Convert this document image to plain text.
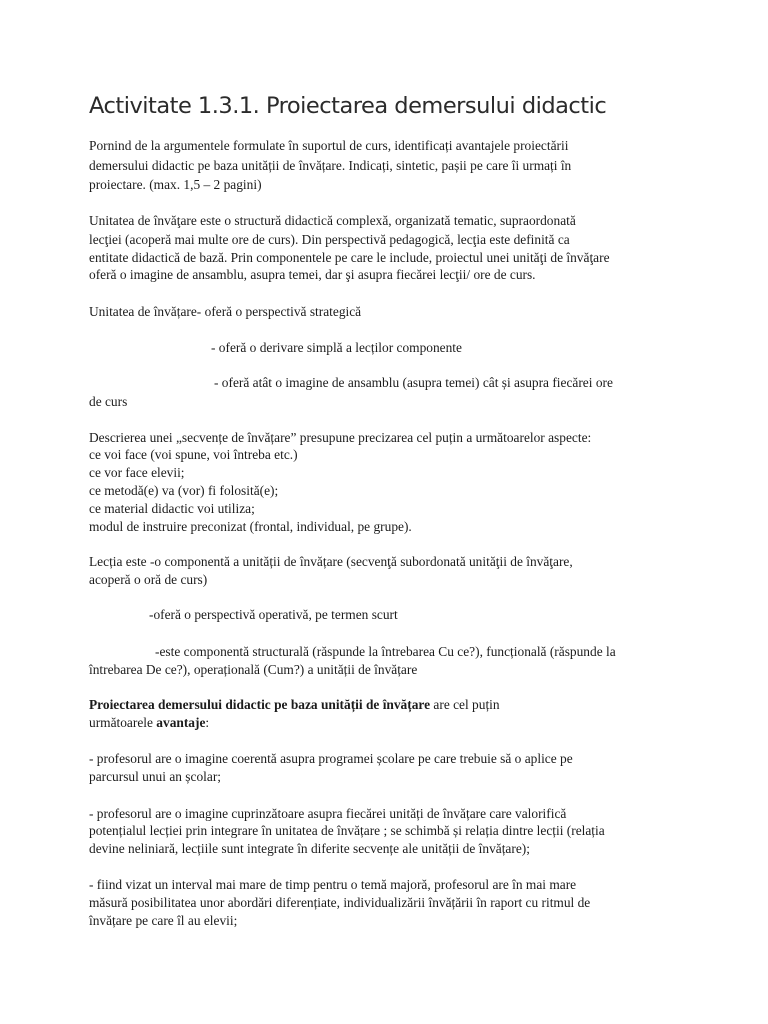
Activitate 1.3.1. Proiectarea demersului didactic
Pornind de la argumentele formulate în suportul de curs, identificați avantajele proiectării
demersului didactic pe baza unității de învățare. Indicați, sintetic, pașii pe care îi urmați în
proiectare. (max. 1,5 – 2 pagini)
Unitatea de învăţare este o structură didactică complexă, organizată tematic, supraordonată
lecţiei (acoperă mai multe ore de curs). Din perspectivă pedagogică, lecţia este definită ca
entitate didactică de bază. Prin componentele pe care le include, proiectul unei unităţi de învăţare
oferă o imagine de ansamblu, asupra temei, dar şi asupra fiecărei lecţii/ ore de curs.
Unitatea de învățare- oferă o perspectivă strategică
- oferă o derivare simplă a lecților componente
- oferă atât o imagine de ansamblu (asupra temei) cât și asupra fiecărei ore
de curs
Descrierea unei „secvențe de învățare” presupune precizarea cel puțin a următoarelor aspecte:
ce voi face (voi spune, voi întreba etc.)
ce vor face elevii;
ce metodă(e) va (vor) fi folosită(e);
ce material didactic voi utiliza;
modul de instruire preconizat (frontal, individual, pe grupe).
Lecția este -o componentă a unității de învățare (secvenţă subordonată unităţii de învăţare,
acoperă o oră de curs)
-oferă o perspectivă operativă, pe termen scurt
-este componentă structurală (răspunde la întrebarea Cu ce?), funcțională (răspunde la
întrebarea De ce?), operațională (Cum?) a unității de învățare
Proiectarea demersului didactic pe baza unității de învățare are cel puțin
următoarele avantaje:
- profesorul are o imagine coerentă asupra programei școlare pe care trebuie să o aplice pe
parcursul unui an școlar;
- profesorul are o imagine cuprinzătoare asupra fiecărei unități de învățare care valorifică
potențialul lecției prin integrare în unitatea de învățare ; se schimbă și relația dintre lecții (relația
devine neliniară, lecțiile sunt integrate în diferite secvențe ale unității de învățare);
- fiind vizat un interval mai mare de timp pentru o temă majoră, profesorul are în mai mare
măsură posibilitatea unor abordări diferențiate, individualizării învățării în raport cu ritmul de
învățare pe care îl au elevii;
